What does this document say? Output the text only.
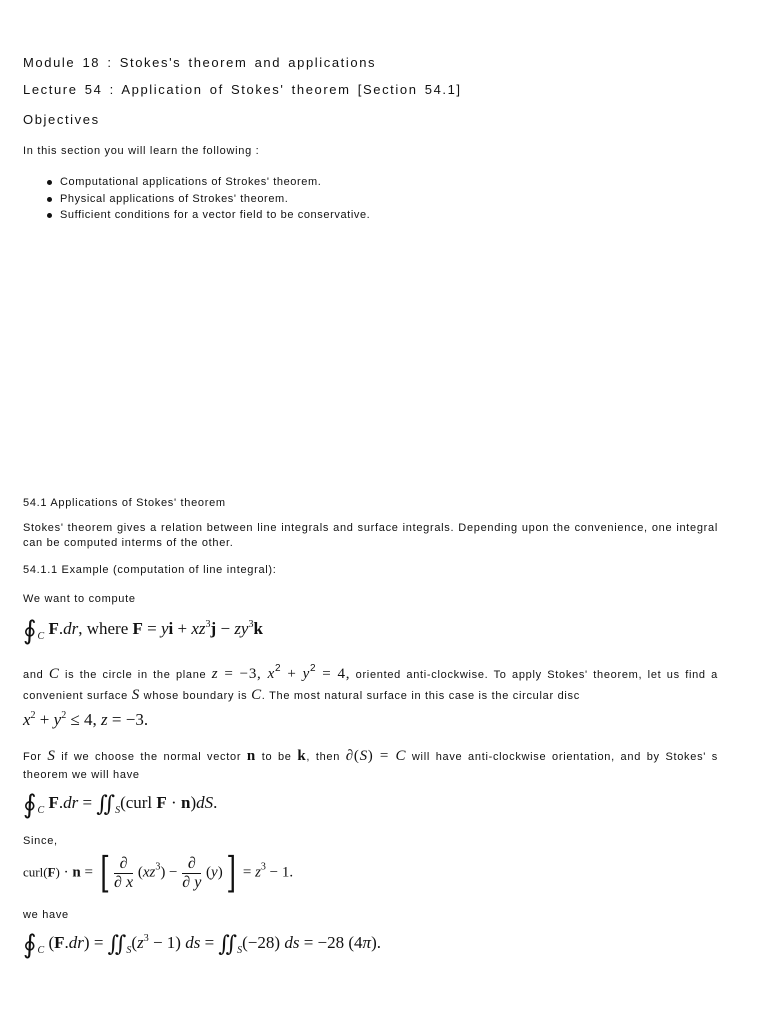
Module 18 : Stokes's theorem and applications
Lecture 54 : Application of Stokes' theorem [Section 54.1]
Objectives
In this section you will learn the following :
Computational applications of Strokes' theorem.
Physical applications of Strokes' theorem.
Sufficient conditions for a vector field to be conservative.
54.1 Applications of Stokes' theorem
Stokes' theorem gives a relation between line integrals and surface integrals. Depending upon the convenience, one integral can be computed interms of the other.
54.1.1 Example (computation of line integral):
We want to compute
$∮_C$ F.dr, where F = yi + $xz^3j - zy^3k$
and C is the circle in the plane z = −3, $x^2 + y^2 = 4$, oriented anti-clockwise. To apply Stokes' theorem, let us find a convenient surface S whose boundary is C. The most natural surface in this case is the circular disc
$x^2 + y^2 \le 4$, z = −3.
For S if we choose the normal vector n to be k, then ∂(S) = C will have anti-clockwise orientation, and by Stokes' s theorem we will have
$∮_C$ $F.dr = ∬_S(curl$ F · n)dS.
Since,
curl(F) · n = [ $\frac{\partial}{\partial x} (xz^3) - \frac{\partial}{\partial y} (y)] = z^3 - 1$.
we have
$∮_C$ $(F.dr) = ∬_S(z^3 - 1)$ ds = $∬_S(-28)$ ds = −28 (4π).
